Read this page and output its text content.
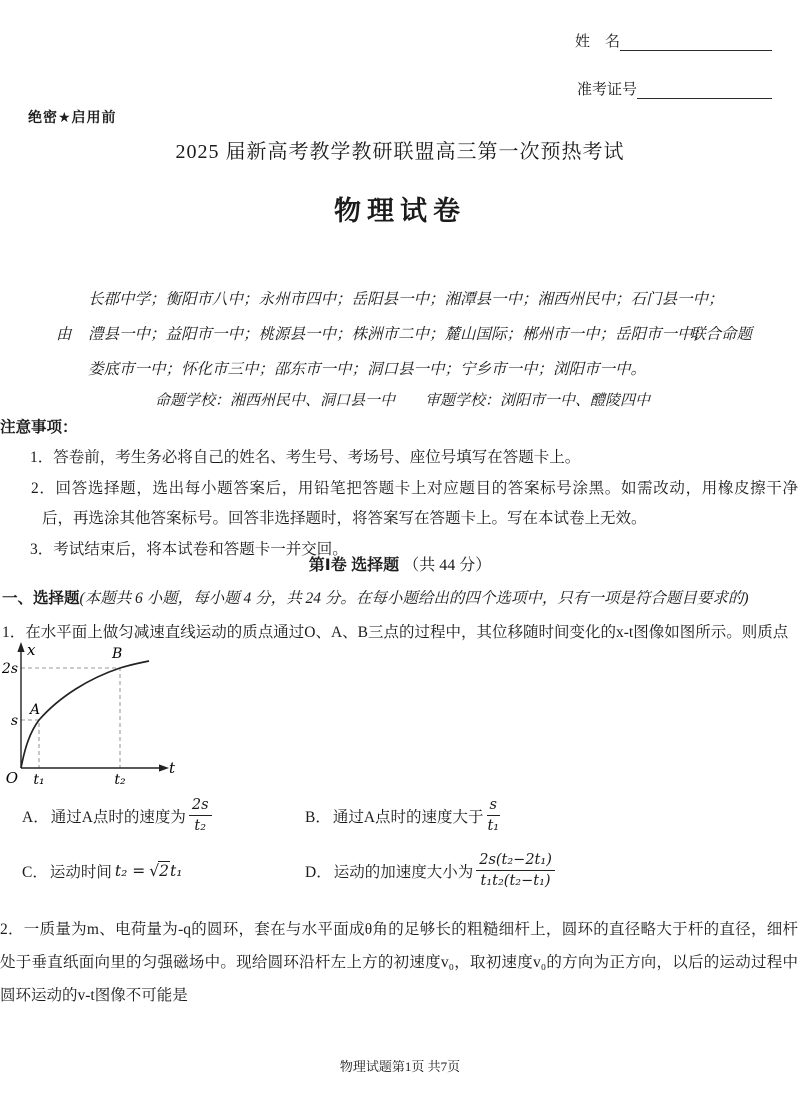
姓　名
准考证号
绝密★启用前
2025 届新高考教学教研联盟高三第一次预热考试
物理试卷
由	联合命题
长郡中学；衡阳市八中；永州市四中；岳阳县一中；湘潭县一中；湘西州民中；石门县一中；
澧县一中；益阳市一中；桃源县一中；株洲市二中；麓山国际；郴州市一中；岳阳市一中；
娄底市一中；怀化市三中；邵东市一中；洞口县一中；宁乡市一中；浏阳市一中。
命题学校：湘西州民中、洞口县一中　　审题学校：浏阳市一中、醴陵四中
注意事项：
1．答卷前，考生务必将自己的姓名、考生号、考场号、座位号填写在答题卡上。
2．回答选择题，选出每小题答案后，用铅笔把答题卡上对应题目的答案标号涂黑。如需改动，用橡皮擦干净后，再选涂其他答案标号。回答非选择题时，将答案写在答题卡上。写在本试卷上无效。
3．考试结束后，将本试卷和答题卡一并交回。
第Ⅰ卷 选择题 （共 44 分）
一、选择题(本题共 6 小题，每小题 4 分，共 24 分。在每小题给出的四个选项中，只有一项是符合题目要求的)
1．在水平面上做匀减速直线运动的质点通过O、A、B三点的过程中，其位移随时间变化的x-t图像如图所示。则质点
x
t
O
2s
s
t₁	t₂
A
B
A． 通过A点时的速度为 $\frac{2s}{\text{t₂}}$	B． 通过A点时的速度大于 $\frac{s}{\text{t₁}}$
C． 运动时间 t₂ = √ 2 t₁	D． 运动的加速度大小为 $\frac{\text{2s(t₂−2t₁)}}{\text{t₁t₂(t₂−t₁)}}$
2．一质量为m、电荷量为-q的圆环，套在与水平面成θ角的足够长的粗糙细杆上，圆环的直径略大于杆的直径，细杆处于垂直纸面向里的匀强磁场中。现给圆环沿杆左上方的初速度v₀，取初速度v₀的方向为正方向，以后的运动过程中圆环运动的v-t图像不可能是
物理试题第1页 共7页
